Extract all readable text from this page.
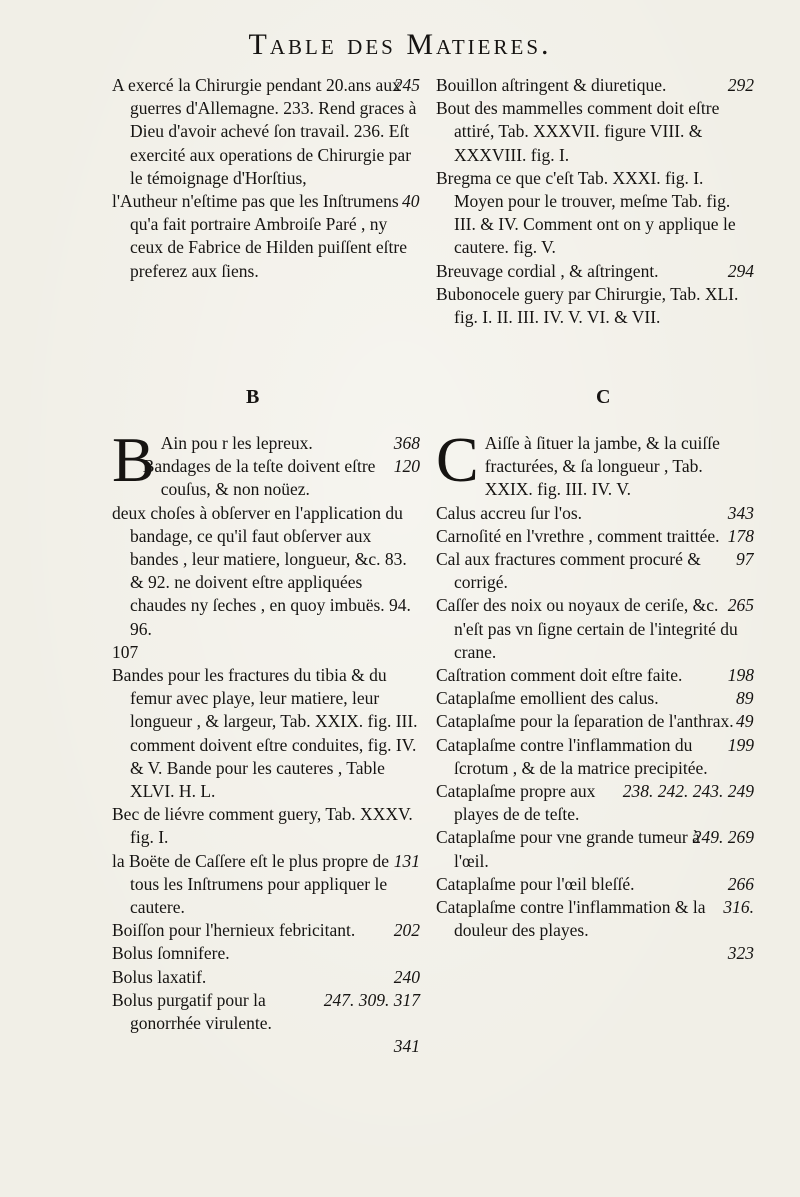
Table des Matieres.

245
A exercé la Chirurgie pendant 20.ans aux guerres d'Allemagne. 233. Rend graces à Dieu d'avoir achevé ſon travail. 236. Eſt exercité aux operations de Chirurgie par le témoignage d'Horſtius,

40
l'Autheur n'eſtime pas que les Inſtrumens qu'a fait portraire Ambroiſe Paré , ny ceux de Fabrice de Hilden puiſſent eſtre preferez aux ſiens.

292
Bouillon aſtringent & diuretique.

Bout des mammelles comment doit eſtre attiré, Tab. XXXVII. figure VIII. & XXXVIII. fig. I.

Bregma ce que c'eſt Tab. XXXI. fig. I. Moyen pour le trouver, meſme Tab. fig. III. & IV. Comment ont on y applique le cautere. fig. V.

294
Breuvage cordial , & aſtringent.

Bubonocele guery par Chirurgie, Tab. XLI. fig. I. II. III. IV. V. VI. & VII.

B	C

B	368
Ain pou r les lepreux.

120
Bandages de la teſte doivent eſtre couſus, & non noüez.

deux choſes à obſerver en l'application du bandage, ce qu'il faut obſerver aux bandes , leur matiere, longueur, &c. 83. & 92. ne doivent eſtre appliquées chaudes ny ſeches , en quoy imbuës. 94. 96.

107

Bandes pour les fractures du tibia & du femur avec playe, leur matiere, leur longueur , & largeur, Tab. XXIX. fig. III. comment doivent eſtre conduites, fig. IV. & V. Bande pour les cauteres , Table XLVI. H. L.

Bec de liévre comment guery, Tab. XXXV. fig. I.

131
la Boëte de Caſſere eſt le plus propre de tous les Inſtrumens pour appliquer le cautere.

202
Boiſſon pour l'hernieux febricitant.

Bolus ſomnifere.

240
Bolus laxatif.

247. 309. 317
Bolus purgatif pour la gonorrhée virulente.

341

C Aiſſe à ſituer la jambe, & la cuiſſe fracturées, & ſa longueur , Tab. XXIX. fig. III. IV. V.

343
Calus accreu ſur l'os.

178
Carnoſité en l'vrethre , comment traittée.

97
Cal aux fractures comment procuré & corrigé.

265
Caſſer des noix ou noyaux de ceriſe, &c. n'eſt pas vn ſigne certain de l'integrité du crane.

198
Caſtration comment doit eſtre faite.

89
Cataplaſme emollient des calus.

49
Cataplaſme pour la ſeparation de l'anthrax.

199
Cataplaſme contre l'inflammation du ſcrotum , & de la matrice precipitée.

238. 242. 243. 249
Cataplaſme propre aux playes de de teſte.

249. 269
Cataplaſme pour vne grande tumeur à l'œil.

266
Cataplaſme pour l'œil bleſſé.

316.
Cataplaſme contre l'inflammation & la douleur des playes.

323
